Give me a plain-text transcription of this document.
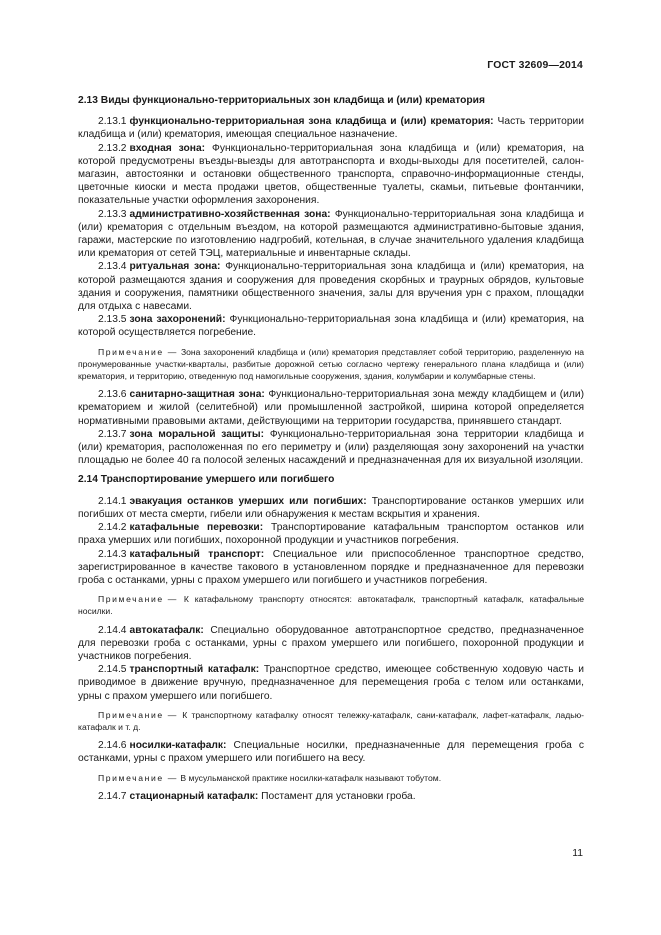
ГОСТ 32609—2014

2.13 Виды функционально-территориальных зон кладбища и (или) крематория

2.13.1 функционально-территориальная зона кладбища и (или) крематория: Часть территории кладбища и (или) крематория, имеющая специальное назначение.

2.13.2 входная зона: Функционально-территориальная зона кладбища и (или) крематория, на которой предусмотрены въезды-выезды для автотранспорта и входы-выходы для посетителей, салон-магазин, автостоянки и остановки общественного транспорта, справочно-информационные стенды, цветочные киоски и места продажи цветов, общественные туалеты, скамьи, питьевые фонтанчики, показательные участки оформления захоронения.

2.13.3 административно-хозяйственная зона: Функционально-территориальная зона кладбища и (или) крематория с отдельным въездом, на которой размещаются административно-бытовые здания, гаражи, мастерские по изготовлению надгробий, котельная, в случае значительного удаления кладбища или крематория от сетей ТЭЦ, материальные и инвентарные склады.

2.13.4 ритуальная зона: Функционально-территориальная зона кладбища и (или) крематория, на которой размещаются здания и сооружения для проведения скорбных и траурных обрядов, культовые здания и сооружения, памятники общественного значения, залы для вручения урн с прахом, площадки для отдыха с навесами.

2.13.5 зона захоронений: Функционально-территориальная зона кладбища и (или) крематория, на которой осуществляется погребение.

Примечание — Зона захоронений кладбища и (или) крематория представляет собой территорию, разделенную на пронумерованные участки-кварталы, разбитые дорожной сетью согласно чертежу генерального плана кладбища и (или) крематория, и территорию, отведенную под намогильные сооружения, здания, колумбарии и колумбарные стены.

2.13.6 санитарно-защитная зона: Функционально-территориальная зона между кладбищем и (или) крематорием и жилой (селитебной) или промышленной застройкой, ширина которой определяется нормативными правовыми актами, действующими на территории государства, принявшего стандарт.

2.13.7 зона моральной защиты: Функционально-территориальная зона территории кладбища и (или) крематория, расположенная по его периметру и (или) разделяющая зону захоронений на участки площадью не более 40 га полосой зеленых насаждений и предназначенная для их визуальной изоляции.

2.14 Транспортирование умершего или погибшего

2.14.1 эвакуация останков умерших или погибших: Транспортирование останков умерших или погибших от места смерти, гибели или обнаружения к местам вскрытия и хранения.

2.14.2 катафальные перевозки: Транспортирование катафальным транспортом останков или праха умерших или погибших, похоронной продукции и участников погребения.

2.14.3 катафальный транспорт: Специальное или приспособленное транспортное средство, зарегистрированное в качестве такового в установленном порядке и предназначенное для перевозки гроба с останками, урны с прахом умершего или погибшего и участников погребения.

Примечание — К катафальному транспорту относятся: автокатафалк, транспортный катафалк, катафальные носилки.

2.14.4 автокатафалк: Специально оборудованное автотранспортное средство, предназначенное для перевозки гроба с останками, урны с прахом умершего или погибшего, похоронной продукции и участников погребения.

2.14.5 транспортный катафалк: Транспортное средство, имеющее собственную ходовую часть и приводимое в движение вручную, предназначенное для перемещения гроба с телом или останками, урны с прахом умершего или погибшего.

Примечание — К транспортному катафалку относят тележку-катафалк, сани-катафалк, лафет-катафалк, ладью-катафалк и т. д.

2.14.6 носилки-катафалк: Специальные носилки, предназначенные для перемещения гроба с останками, урны с прахом умершего или погибшего на весу.

Примечание — В мусульманской практике носилки-катафалк называют тобутом.

2.14.7 стационарный катафалк: Постамент для установки гроба.

11
